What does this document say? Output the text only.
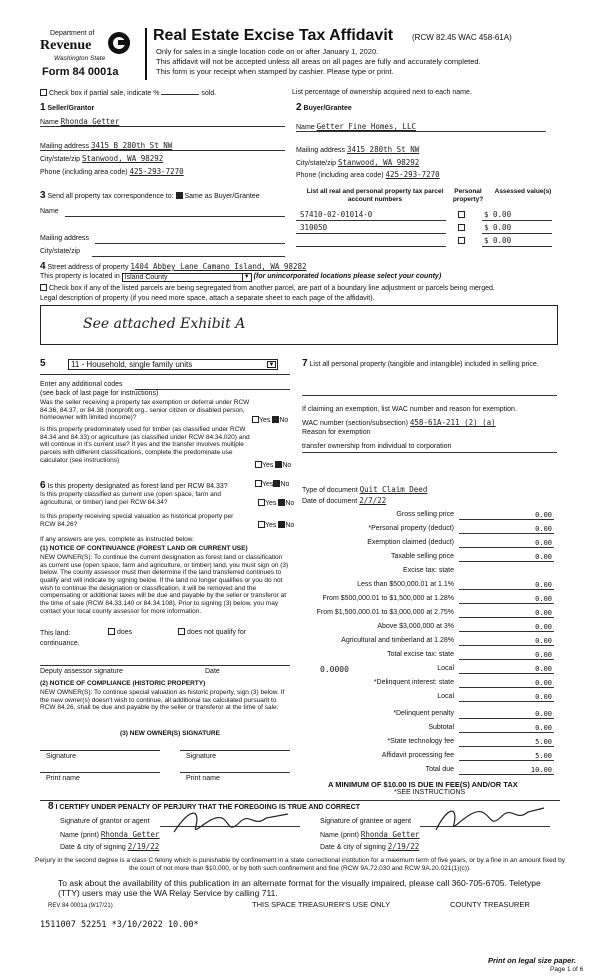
Department of
Revenue
Washington State
Form 84 0001a
Real Estate Excise Tax Affidavit (RCW 82.45 WAC 458-61A)
Only for sales in a single location code on or after January 1, 2020.
This affidavit will not be accepted unless all areas on all pages are fully and accurately completed.
This form is your receipt when stamped by cashier. Please type or print.
Check box if partial sale, indicate %	sold.	List percentage of ownership acquired next to each name.
1 Seller/Grantor
Name Rhonda Getter
Mailing address 3415 B 280th St NW
City/state/zip Stanwood, WA 98292
Phone (including area code) 425-293-7270
2 Buyer/Grantee
Name Getter Fine Homes, LLC
Mailing address 3415 280th St NW
City/state/zip Stanwood, WA 98292
Phone (including area code) 425-293-7270
3 Send all property tax correspondence to: Same as Buyer/Grantee
Name
Mailing address
City/state/zip
List all real and personal property tax parcel account numbers
Personal property?
Assessed value(s)
S7410-02-01014-0	$ 0.00
310050	$ 0.00
$ 0.00
4 Street address of property 1404 Abbey Lane Camano Island, WA 98282
This property is located in Island County	▼ (for unincorporated locations please select your county)
Check box if any of the listed parcels are being segregated from another parcel, are part of a boundary line adjustment or parcels being merged.
Legal description of property (if you need more space, attach a separate sheet to each page of the affidavit).
See attached Exhibit A
5	11 - Household, single family units	▼
Enter any additional codes
(see back of last page for instructions)
Was the seller receiving a property tax exemption or deferral under RCW 84.36, 84.37, or 84.38 (nonprofit org., senior citizen or disabled person, homeowner with limited income)?	Yes No
Is this property predominately used for timber (as classified under RCW 84.34 and 84.33) or agriculture (as classified under RCW 84.34.020) and will continue in it's current use? If yes and the transfer involves multiple parcels with different classifications, complete the predominate use calculator (see instructions)
Yes No
6 Is this property designated as forest land per RCW 84.33?	Yes No
Is this property classified as current use (open space, farm and agricultural, or timber) land per RCW 84.34?	Yes No
Is this property receiving special valuation as historical property per RCW 84.26?	Yes No
If any answers are yes, complete as instructed below.
(1) NOTICE OF CONTINUANCE (FOREST LAND OR CURRENT USE)
NEW OWNER(S): To continue the current designation as forest land or classification as current use (open space, farm and agriculture, or timber) land, you must sign on (3) below. The county assessor must then determine if the land transferred continues to qualify and will indicate by signing below. If the land no longer qualifies or you do not wish to continue the designation or classification, it will be removed and the compensating or additional taxes will be due and payable by the seller or transferor at the time of sale (RCW 84.33.140 or 84.34.108). Prior to signing (3) below, you may contact your local county assessor for more information.
This land:	does	does not qualify for
continuance.
Deputy assessor signature	Date
(2) NOTICE OF COMPLIANCE (HISTORIC PROPERTY)
NEW OWNER(S): To continue special valuation as historic property, sign (3) below. If the new owner(s) doesn't wish to continue, all additional tax calculated pursuant to RCW 84.26, shall be due and payable by the seller or transferor at the time of sale.
(3) NEW OWNER(S) SIGNATURE
Signature	Signature
Print name	Print name
7 List all personal property (tangible and intangible) included in selling price.
If claiming an exemption, list WAC number and reason for exemption.
WAC number (section/subsection) 458-61A-211 (2) (a)
Reason for exemption
transfer ownership from individual to corporation
Type of document Quit Claim Deed
Date of document 2/7/22
Gross selling price	0.00
*Personal property (deduct)	0.00
Exemption claimed (deduct)	0.00
Taxable selling price	0.00
Excise tax: state
Less than $500,000.01 at 1.1%	0.00
From $500,000.01 to $1,500,000 at 1.28%	0.00
From $1,500,000.01 to $3,000,000 at 2.75%	0.00
Above $3,000,000 at 3%	0.00
Agricultural and timberland at 1.28%	0.00
Total excise tax: state	0.00
0.0000	Local	0.00
*Delinquent interest: state	0.00
Local	0.00
*Delinquent penalty	0.00
Subtotal	0.00
*State technology fee	5.00
Affidavit processing fee	5.00
Total due	10.00
A MINIMUM OF $10.00 IS DUE IN FEE(S) AND/OR TAX
*SEE INSTRUCTIONS
8 I CERTIFY UNDER PENALTY OF PERJURY THAT THE FOREGOING IS TRUE AND CORRECT
Signature of grantor or agent
Name (print) Rhonda Getter
Date & city of signing 2/19/22
Signature of grantee or agent
Name (print) Rhonda Getter
Date & city of signing 2/19/22
Perjury in the second degree is a class C felony which is punishable by confinement in a state correctional institution for a maximum term of five years, or by a fine in an amount fixed by the court of not more than $10,000, or by both such confinement and fine (RCW 9A.72.030 and RCW 9A.20.021(1)(c)).
To ask about the availability of this publication in an alternate format for the visually impaired, please call 360-705-6705. Teletype (TTY) users may use the WA Relay Service by calling 711.
REV 84 0001a (9/17/21)	THIS SPACE TREASURER'S USE ONLY	COUNTY TREASURER
1511007 52251 *3/10/2022 10.00*
Print on legal size paper.
Page 1 of 6
